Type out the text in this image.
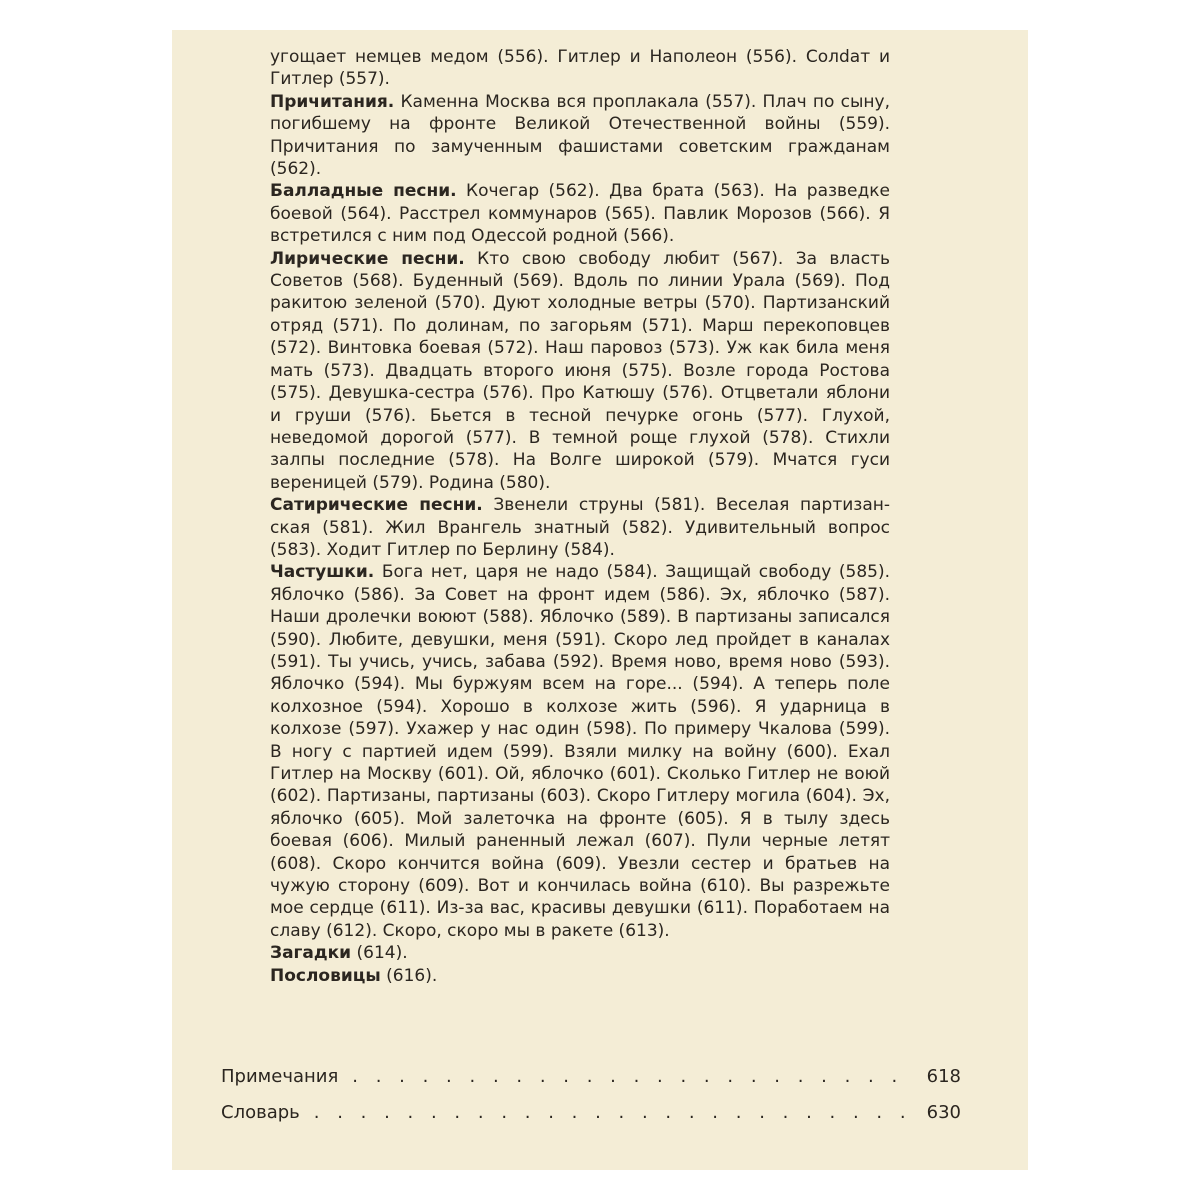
угощает немцев медом (556). Гитлер и Наполеон (556). Солdат и Гитлер (557).

Причитания. Каменна Москва вся проплакала (557). Плач по сыну, погибшему на фронте Великой Отечественной войны (559). Причитания по замученным фашистами советским гражданам (562).

Балладные песни. Кочегар (562). Два брата (563). На разведке боевой (564). Расстрел коммунаров (565). Павлик Морозов (566). Я встретился с ним под Одессой родной (566).

Лирические песни. Кто свою свободу любит (567). За власть Советов (568). Буденный (569). Вдоль по линии Урала (569). Под ракитою зеленой (570). Дуют холодные ветры (570). Партизанский отряд (571). По долинам, по загорьям (571). Марш перекоповцев (572). Винтовка боевая (572). Наш паровоз (573). Уж как била меня мать (573). Двадцать второго июня (575). Возле города Ростова (575). Девушка-сестра (576). Про Катюшу (576). Отцветали яблони и груши (576). Бьется в тесной печурке огонь (577). Глухой, неведомой дорогой (577). В темной роще глухой (578). Стихли залпы последние (578). На Волге широкой (579). Мчатся гуси вереницей (579). Родина (580).

Сатирические песни. Звенели струны (581). Веселая партизанская (581). Жил Врангель знатный (582). Удивительный вопрос (583). Ходит Гитлер по Берлину (584).

Частушки. Бога нет, царя не надо (584). Защищай свободу (585). Яблочко (586). За Совет на фронт идем (586). Эх, яблочко (587). Наши дролечки воюют (588). Яблочко (589). В партизаны записался (590). Любите, девушки, меня (591). Скоро лед пройдет в каналах (591). Ты учись, учись, забава (592). Время ново, время ново (593). Яблочко (594). Мы буржуям всем на горе... (594). А теперь поле колхозное (594). Хорошо в колхозе жить (596). Я ударница в колхозе (597). Ухажер у нас один (598). По примеру Чкалова (599). В ногу с партией идем (599). Взяли милку на войну (600). Ехал Гитлер на Москву (601). Ой, яблочко (601). Сколько Гитлер не воюй (602). Партизаны, партизаны (603). Скоро Гитлеру могила (604). Эх, яблочко (605). Мой залеточка на фронте (605). Я в тылу здесь боевая (606). Милый раненный лежал (607). Пули черные летят (608). Скоро кончится война (609). Увезли сестер и братьев на чужую сторону (609). Вот и кончилась война (610). Вы разрежьте мое сердце (611). Из-за вас, красивы девушки (611). Поработаем на славу (612). Скоро, скоро мы в ракете (613).

Загадки (614).

Пословицы (616).

Примечания . . .	618
Словарь . . .	630
